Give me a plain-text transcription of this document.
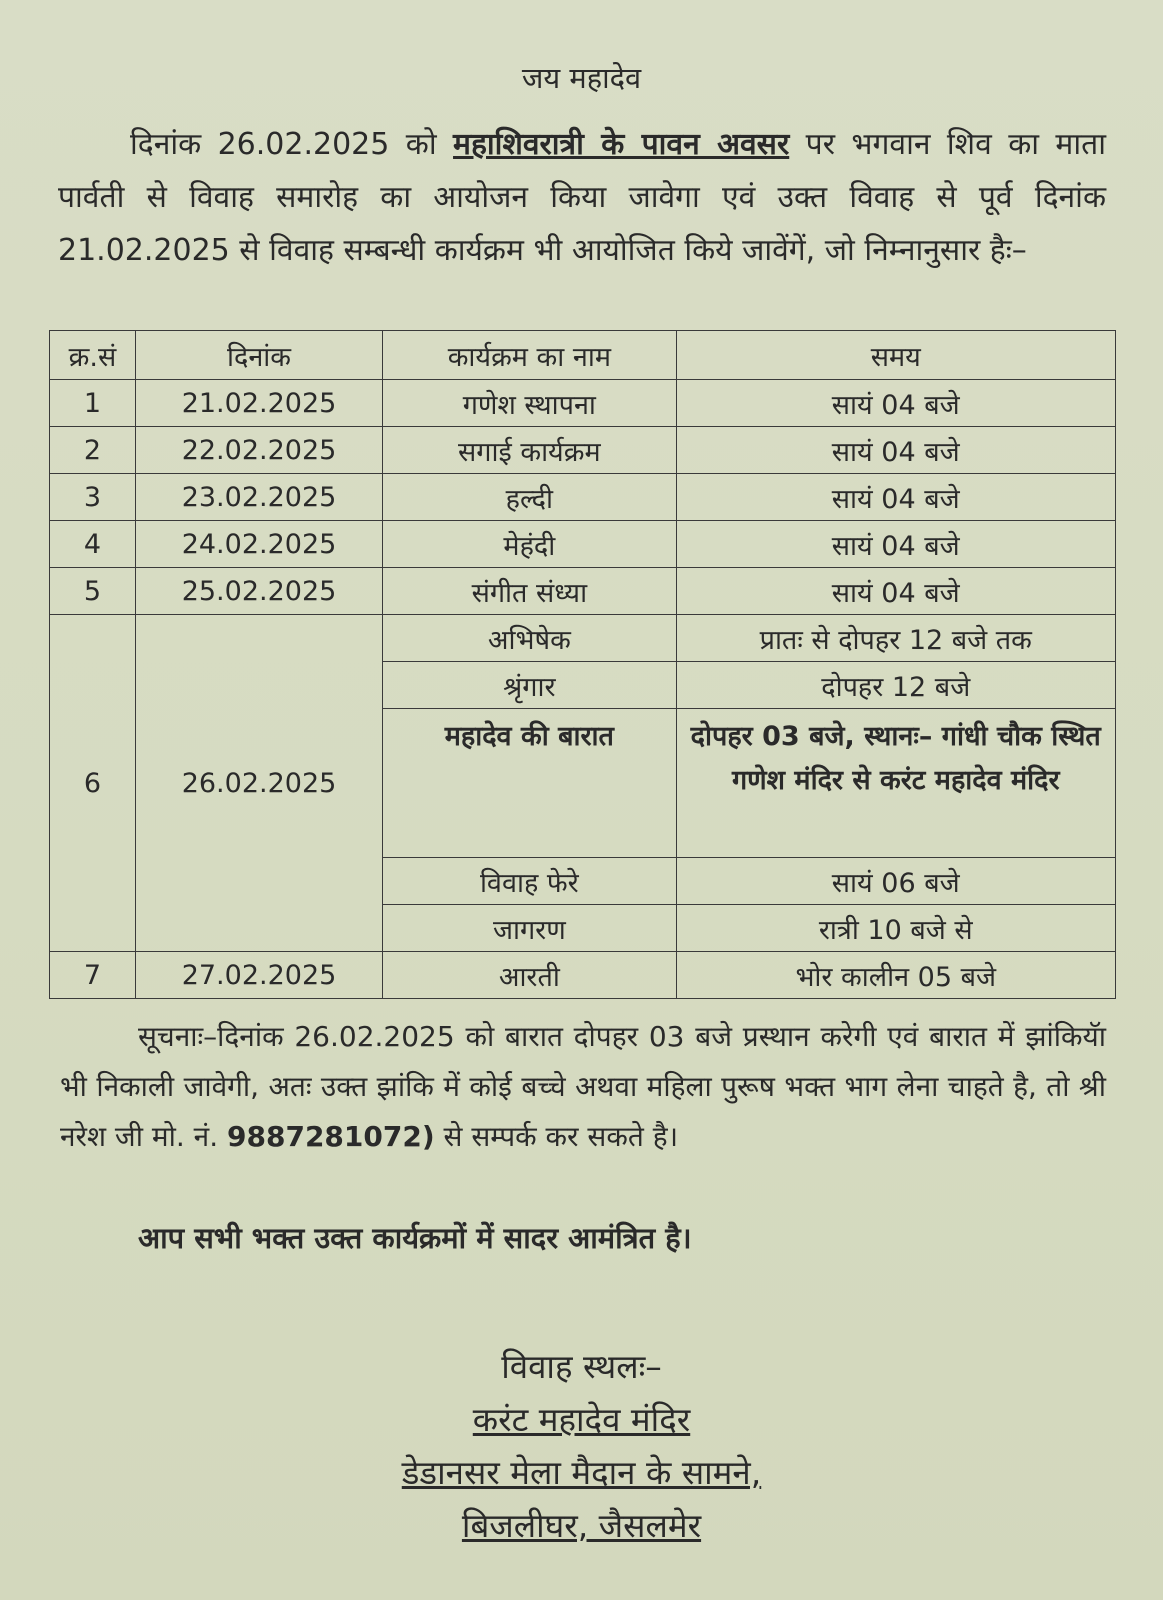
जय महादेव
दिनांक 26.02.2025 को महाशिवरात्री के पावन अवसर पर भगवान शिव का माता पार्वती से विवाह समारोह का आयोजन किया जावेगा एवं उक्त विवाह से पूर्व दिनांक 21.02.2025 से विवाह सम्बन्धी कार्यक्रम भी आयोजित किये जावेंगें, जो निम्नानुसार हैः–
क्र.सं	दिनांक	कार्यक्रम का नाम	समय
1	21.02.2025	गणेश स्थापना	सायं 04 बजे
2	22.02.2025	सगाई कार्यक्रम	सायं 04 बजे
3	23.02.2025	हल्दी	सायं 04 बजे
4	24.02.2025	मेहंदी	सायं 04 बजे
5	25.02.2025	संगीत संध्या	सायं 04 बजे
6	26.02.2025	अभिषेक	प्रातः से दोपहर 12 बजे तक
		श्रृंगार	दोपहर 12 बजे
		महादेव की बारात	दोपहर 03 बजे, स्थानः– गांधी चौक स्थित गणेश मंदिर से करंट महादेव मंदिर
		विवाह फेरे	सायं 06 बजे
		जागरण	रात्री 10 बजे से
7	27.02.2025	आरती	भोर कालीन 05 बजे
सूचनाः–दिनांक 26.02.2025 को बारात दोपहर 03 बजे प्रस्थान करेगी एवं बारात में झांकियॅा भी निकाली जावेगी, अतः उक्त झांकि में कोई बच्चे अथवा महिला पुरूष भक्त भाग लेना चाहते है, तो श्री नरेश जी मो. नं. 9887281072) से सम्पर्क कर सकते है।
आप सभी भक्त उक्त कार्यक्रमों में सादर आमंत्रित है।
विवाह स्थलः–
करंट महादेव मंदिर
डेडानसर मेला मैदान के सामने,
बिजलीघर, जैसलमेर
